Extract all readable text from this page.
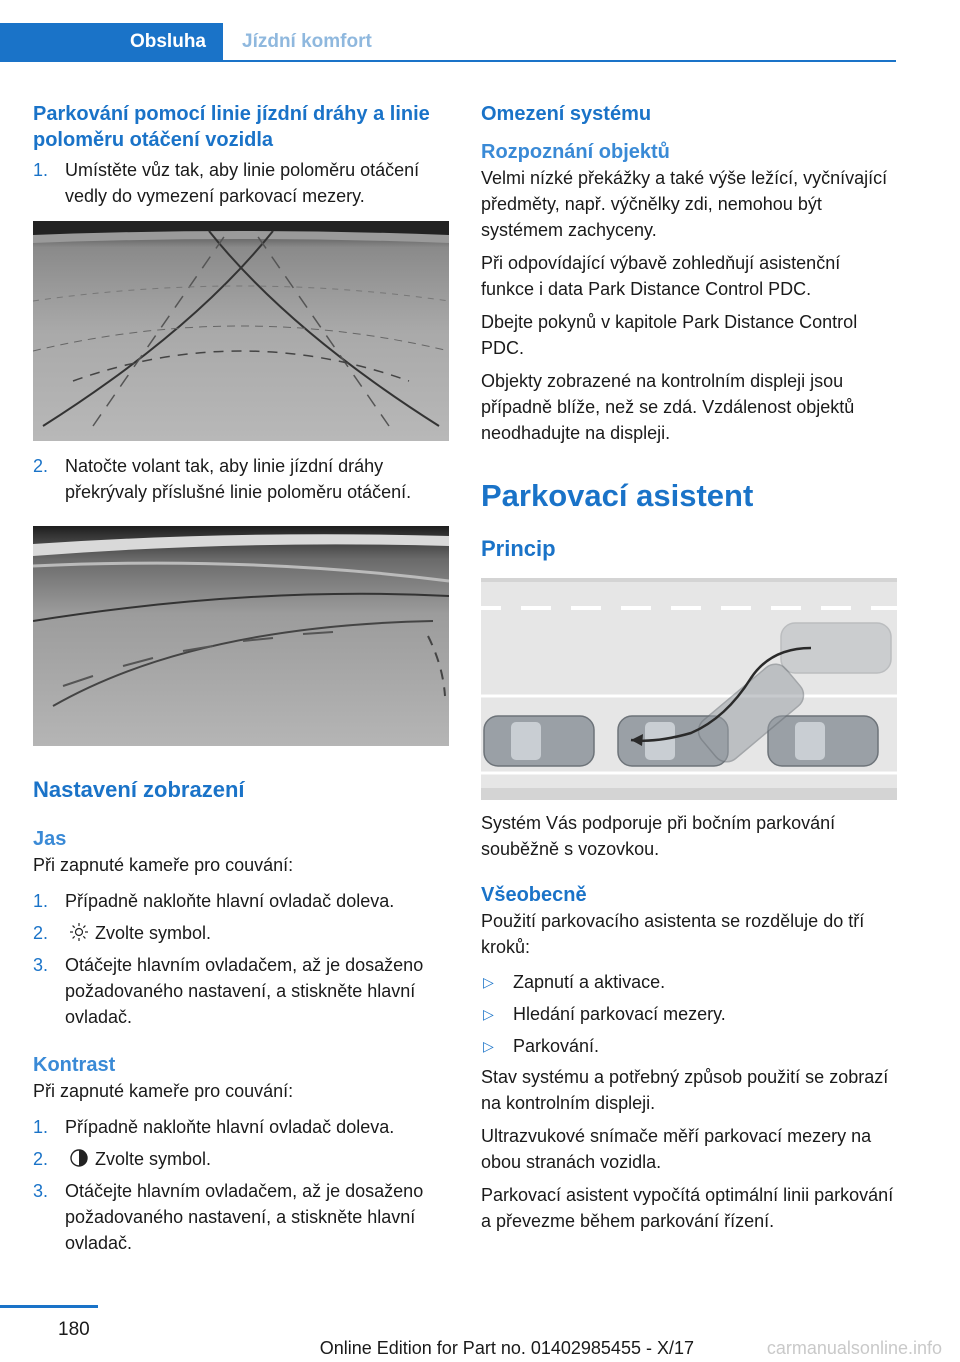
Obsluha	Jízdní komfort
Parkování pomocí linie jízdní dráhy a linie poloměru otáčení vozidla
1. Umístěte vůz tak, aby linie poloměru otáčení vedly do vymezení parkovací mezery.
2. Natočte volant tak, aby linie jízdní dráhy překrývaly příslušné linie poloměru otáčení.
Nastavení zobrazení
Jas

Při zapnuté kameře pro couvání:

1. Případně nakloňte hlavní ovladač doleva.
2.	Zvolte symbol.
3. Otáčejte hlavním ovladačem, až je dosaženo požadovaného nastavení, a stiskněte hlavní ovladač.
Kontrast

Při zapnuté kameře pro couvání:

1. Případně nakloňte hlavní ovladač doleva.
2.	Zvolte symbol.
3. Otáčejte hlavním ovladačem, až je dosaženo požadovaného nastavení, a stiskněte hlavní ovladač.
Omezení systému
Rozpoznání objektů

Velmi nízké překážky a také výše ležící, vyčnívající předměty, např. výčnělky zdi, nemohou být systémem zachyceny.

Při odpovídající výbavě zohledňují asistenční funkce i data Park Distance Control PDC.

Dbejte pokynů v kapitole Park Distance Control PDC.

Objekty zobrazené na kontrolním displeji jsou případně blíže, než se zdá. Vzdálenost objektů neodhadujte na displeji.

Parkovací asistent
Princip

Systém Vás podporuje při bočním parkování souběžně s vozovkou.

Všeobecně

Použití parkovacího asistenta se rozděluje do tří kroků:

▷ Zapnutí a aktivace.
▷ Hledání parkovací mezery.
▷ Parkování.

Stav systému a potřebný způsob použití se zobrazí na kontrolním displeji.

Ultrazvukové snímače měří parkovací mezery na obou stranách vozidla.

Parkovací asistent vypočítá optimální linii parkování a převezme během parkování řízení.

180
Online Edition for Part no. 01402985455 - X/17	carmanualsonline.info
